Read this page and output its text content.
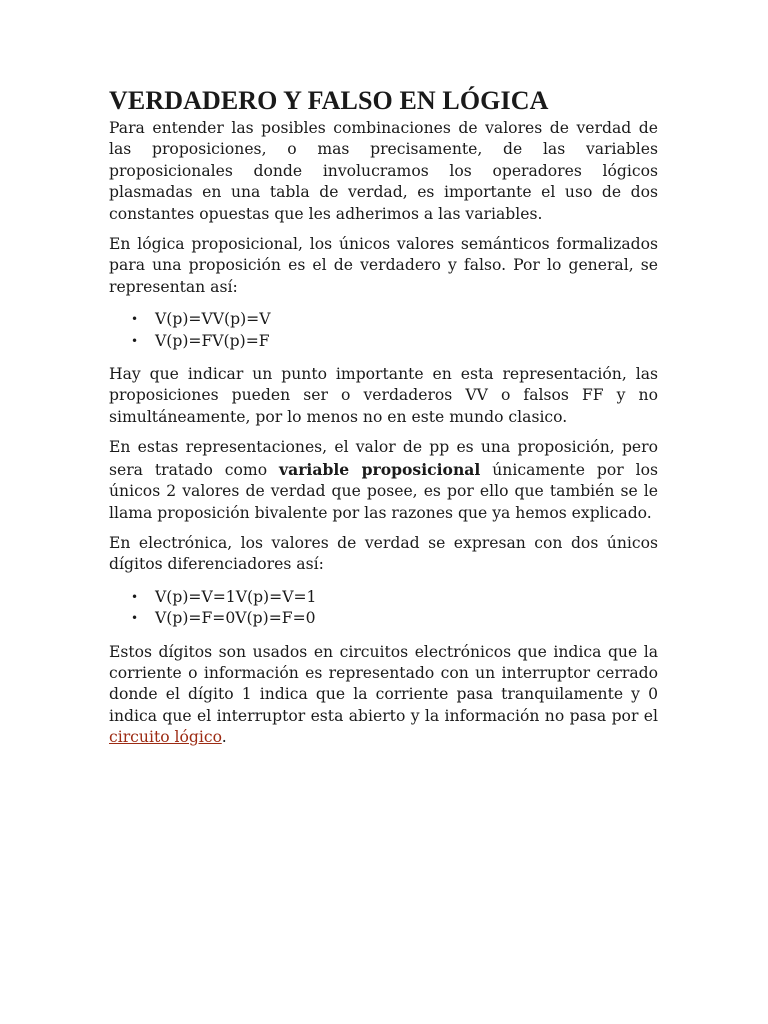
VERDADERO Y FALSO EN LÓGICA

Para entender las posibles combinaciones de valores de verdad de las proposiciones, o mas precisamente, de las variables proposicionales donde involucramos los operadores lógicos plasmadas en una tabla de verdad, es importante el uso de dos constantes opuestas que les adherimos a las variables.

En lógica proposicional, los únicos valores semánticos formalizados para una proposición es el de verdadero y falso. Por lo general, se representan así:

• V(p)=VV(p)=V
• V(p)=FV(p)=F

Hay que indicar un punto importante en esta representación, las proposiciones pueden ser o verdaderos VV o falsos FF y no simultáneamente, por lo menos no en este mundo clasico.

En estas representaciones, el valor de pp es una proposición, pero sera tratado como variable proposicional únicamente por los únicos 2 valores de verdad que posee, es por ello que también se le llama proposición bivalente por las razones que ya hemos explicado.

En electrónica, los valores de verdad se expresan con dos únicos dígitos diferenciadores así:

• V(p)=V=1V(p)=V=1
• V(p)=F=0V(p)=F=0

Estos dígitos son usados en circuitos electrónicos que indica que la corriente o información es representado con un interruptor cerrado donde el dígito 1 indica que la corriente pasa tranquilamente y 0 indica que el interruptor esta abierto y la información no pasa por el circuito lógico.
